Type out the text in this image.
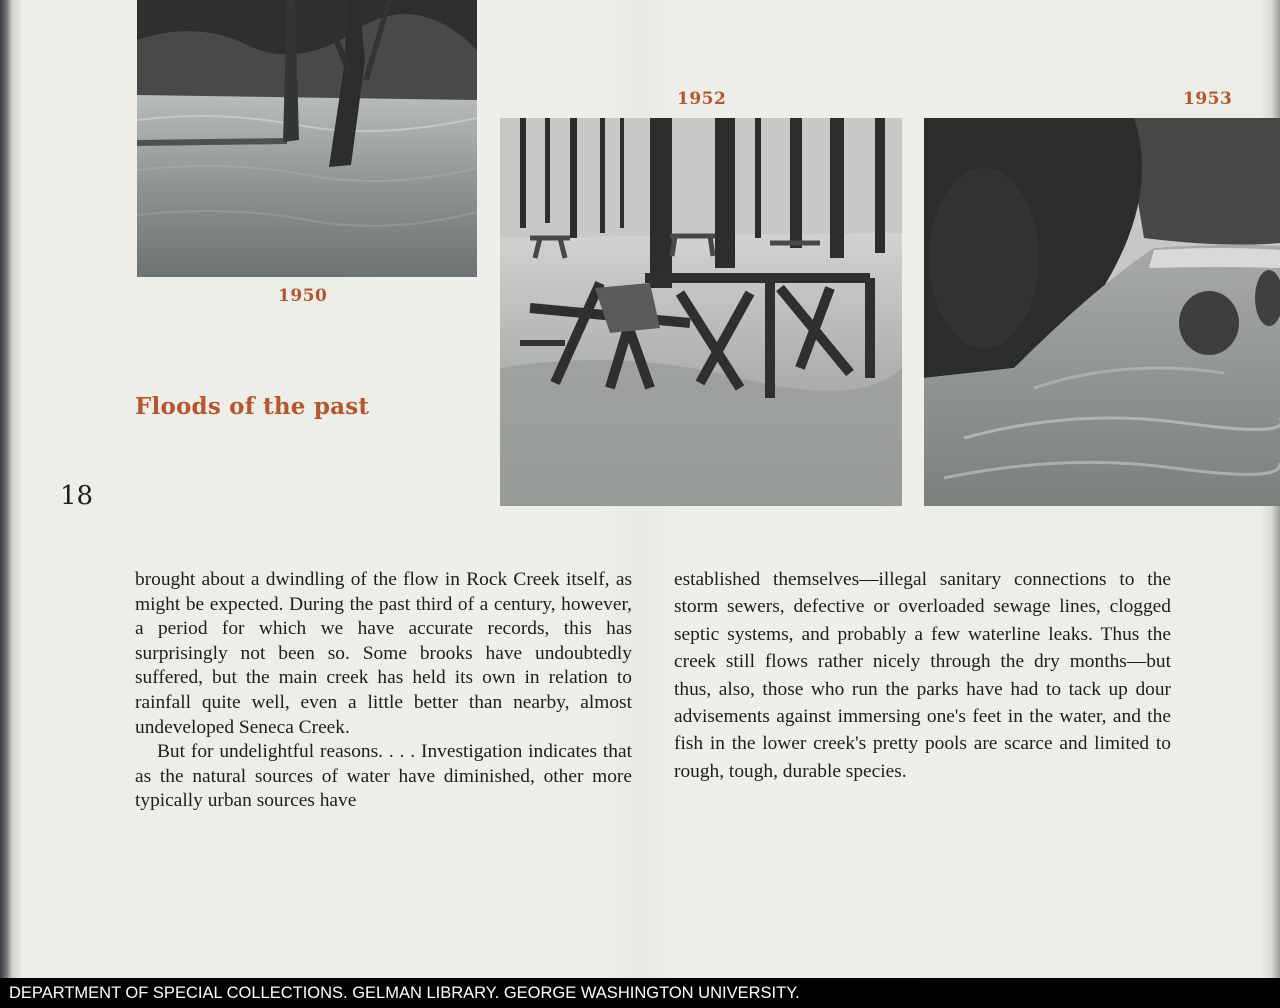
1950
1952	1953
Floods of the past
18

brought about a dwindling of the flow in Rock Creek itself, as might be expected. During the past third of a century, however, a period for which we have accurate records, this has surprisingly not been so. Some brooks have undoubtedly suffered, but the main creek has held its own in relation to rainfall quite well, even a little better than nearby, almost undeveloped Seneca Creek.

But for undelightful reasons. . . . Investigation indicates that as the natural sources of water have diminished, other more typically urban sources have

established themselves—illegal sanitary connections to the storm sewers, defective or overloaded sewage lines, clogged septic systems, and probably a few waterline leaks. Thus the creek still flows rather nicely through the dry months—but thus, also, those who run the parks have had to tack up dour advisements against immersing one's feet in the water, and the fish in the lower creek's pretty pools are scarce and limited to rough, tough, durable species.

DEPARTMENT OF SPECIAL COLLECTIONS. GELMAN LIBRARY. GEORGE WASHINGTON UNIVERSITY.
